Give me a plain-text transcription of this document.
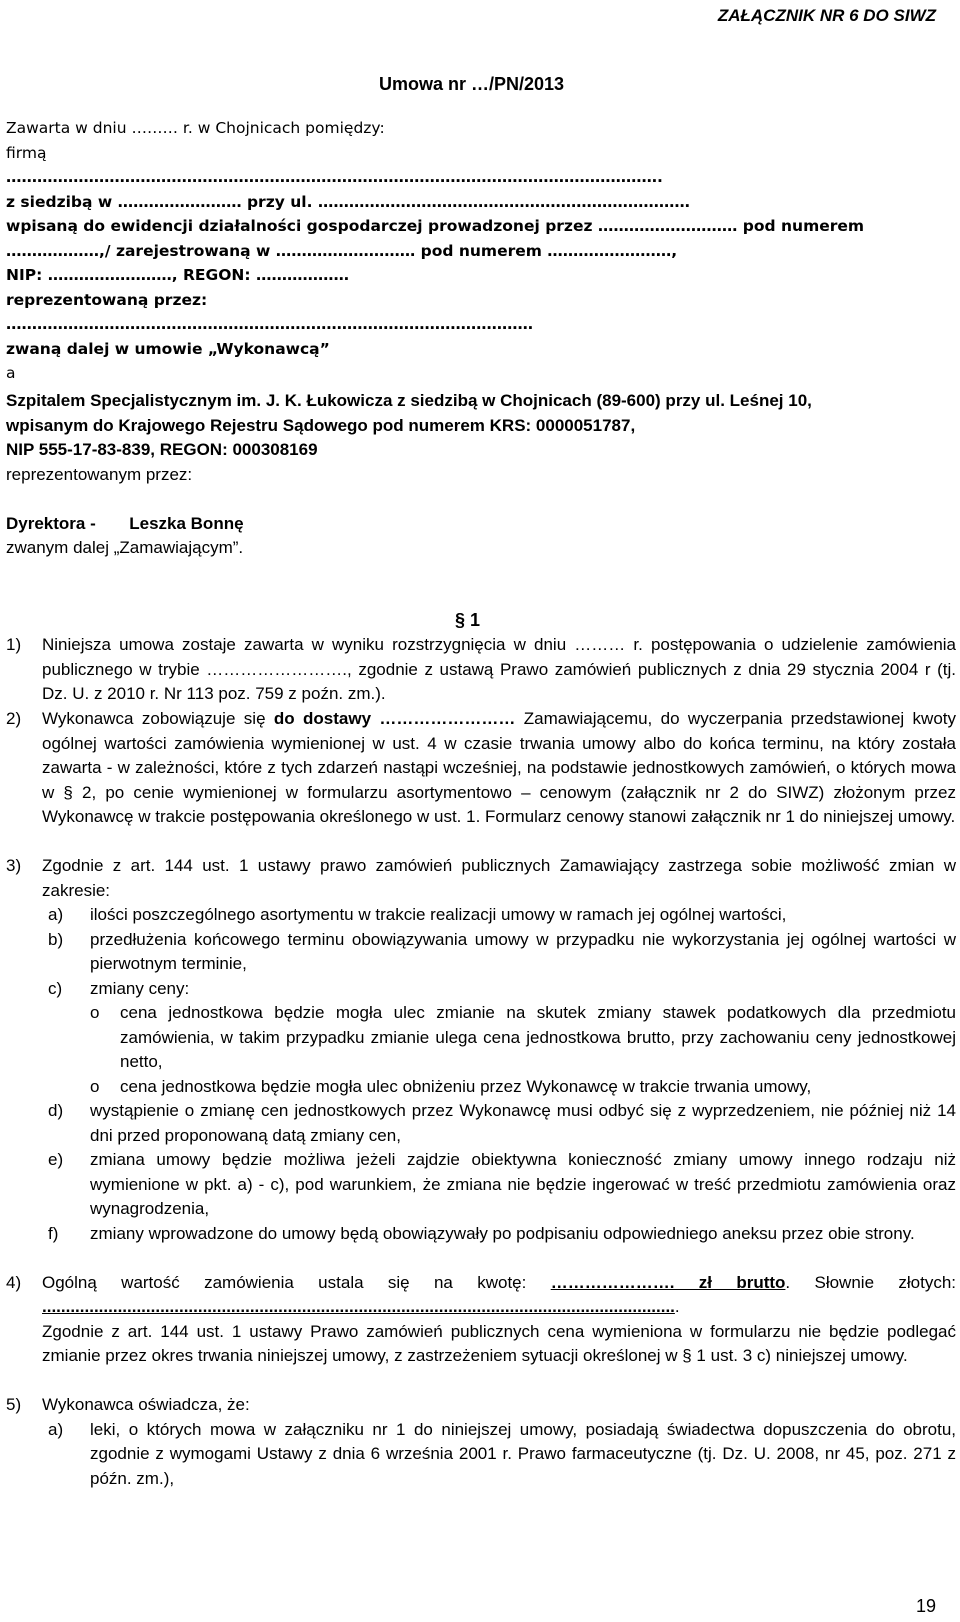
ZAŁĄCZNIK NR 6 DO SIWZ
Umowa nr …/PN/2013
Zawarta w dniu ……… r. w Chojnicach pomiędzy:
firmą
……………………………………………………………………………………………………………….
z siedzibą w …………………… przy ul. ………………………………………………………………
wpisaną do ewidencji działalności gospodarczej prowadzonej przez ……………………… pod numerem
………………,/ zarejestrowaną w ……………………… pod numerem ……………………,
NIP: ……………………, REGON: ………………
reprezentowaną przez:
…………………………………………………………………………………………
zwaną dalej w umowie „Wykonawcą”
a
Szpitalem Specjalistycznym im. J. K. Łukowicza z siedzibą w Chojnicach (89-600) przy ul. Leśnej 10,
wpisanym do Krajowego Rejestru Sądowego pod numerem KRS: 0000051787,
NIP 555-17-83-839, REGON: 000308169
reprezentowanym przez:
Dyrektora - Leszka Bonnę
zwanym dalej „Zamawiającym”.
§ 1
1) Niniejsza umowa zostaje zawarta w wyniku rozstrzygnięcia w dniu ……… r. postępowania o udzielenie zamówienia publicznego w trybie ……………………., zgodnie z ustawą Prawo zamówień publicznych z dnia 29 stycznia 2004 r (tj. Dz. U. z 2010 r. Nr 113 poz. 759 z poźn. zm.).
2) Wykonawca zobowiązuje się do dostawy …………………… Zamawiającemu, do wyczerpania przedstawionej kwoty ogólnej wartości zamówienia wymienionej w ust. 4 w czasie trwania umowy albo do końca terminu, na który została zawarta - w zależności, które z tych zdarzeń nastąpi wcześniej, na podstawie jednostkowych zamówień, o których mowa w § 2, po cenie wymienionej w formularzu asortymentowo – cenowym (załącznik nr 2 do SIWZ) złożonym przez Wykonawcę w trakcie postępowania określonego w ust. 1. Formularz cenowy stanowi załącznik nr 1 do niniejszej umowy.
3) Zgodnie z art. 144 ust. 1 ustawy prawo zamówień publicznych Zamawiający zastrzega sobie możliwość zmian w zakresie:
a) ilości poszczególnego asortymentu w trakcie realizacji umowy w ramach jej ogólnej wartości,
b) przedłużenia końcowego terminu obowiązywania umowy w przypadku nie wykorzystania jej ogólnej wartości w pierwotnym terminie,
c) zmiany ceny:
o cena jednostkowa będzie mogła ulec zmianie na skutek zmiany stawek podatkowych dla przedmiotu zamówienia, w takim przypadku zmianie ulega cena jednostkowa brutto, przy zachowaniu ceny jednostkowej netto,
o cena jednostkowa będzie mogła ulec obniżeniu przez Wykonawcę w trakcie trwania umowy,
d) wystąpienie o zmianę cen jednostkowych przez Wykonawcę musi odbyć się z wyprzedzeniem, nie później niż 14 dni przed proponowaną datą zmiany cen,
e) zmiana umowy będzie możliwa jeżeli zajdzie obiektywna konieczność zmiany umowy innego rodzaju niż wymienione w pkt. a) - c), pod warunkiem, że zmiana nie będzie ingerować w treść przedmiotu zamówienia oraz wynagrodzenia,
f) zmiany wprowadzone do umowy będą obowiązywały po podpisaniu odpowiedniego aneksu przez obie strony.
4) Ogólną wartość zamówienia ustala się na kwotę: …………………. zł brutto. Słownie złotych:
.......................................................................................................................................
Zgodnie z art. 144 ust. 1 ustawy Prawo zamówień publicznych cena wymieniona w formularzu nie będzie podlegać zmianie przez okres trwania niniejszej umowy, z zastrzeżeniem sytuacji określonej w § 1 ust. 3 c) niniejszej umowy.
5) Wykonawca oświadcza, że:
a) leki, o których mowa w załączniku nr 1 do niniejszej umowy, posiadają świadectwa dopuszczenia do obrotu, zgodnie z wymogami Ustawy z dnia 6 września 2001 r. Prawo farmaceutyczne (tj. Dz. U. 2008, nr 45, poz. 271 z późn. zm.),
19
